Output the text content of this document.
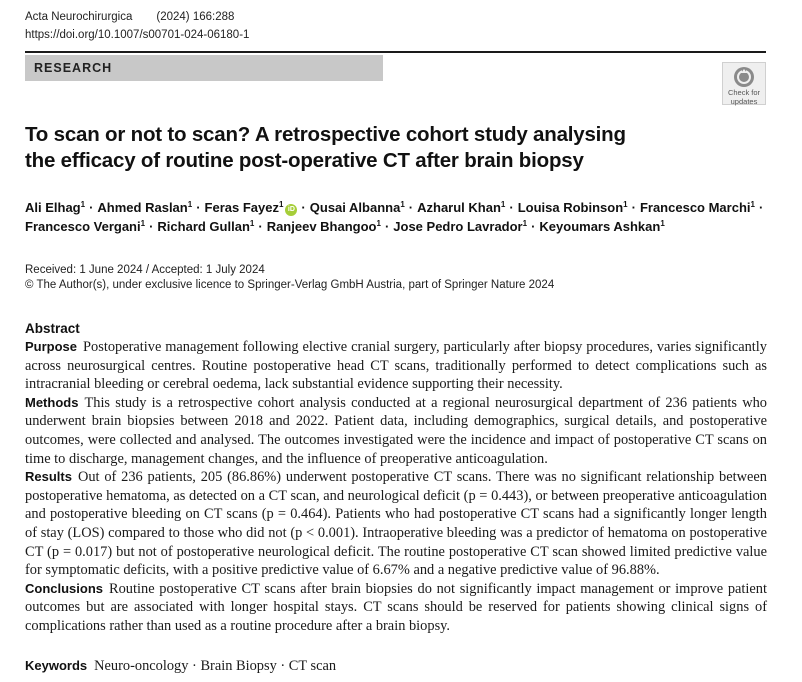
Acta Neurochirurgica (2024) 166:288
https://doi.org/10.1007/s00701-024-06180-1
RESEARCH
Check for
updates
To scan or not to scan? A retrospective cohort study analysing
the efficacy of routine post-operative CT after brain biopsy
Ali Elhag$^1$ · Ahmed Raslan$^1$ · Feras Fayez$^1$iD · Qusai Albanna$^1$ · Azharul Khan$^1$ · Louisa Robinson$^1$ · Francesco Marchi$^1$ ·
Francesco Vergani$^1$ · Richard Gullan$^1$ · Ranjeev Bhangoo$^1$ · Jose Pedro Lavrador$^1$ · Keyoumars Ashkan$^1$
Received: 1 June 2024 / Accepted: 1 July 2024
© The Author(s), under exclusive licence to Springer-Verlag GmbH Austria, part of Springer Nature 2024
Abstract

Purpose Postoperative management following elective cranial surgery, particularly after biopsy procedures, varies significantly across neurosurgical centres. Routine postoperative head CT scans, traditionally performed to detect complications such as intracranial bleeding or cerebral oedema, lack substantial evidence supporting their necessity.

Methods This study is a retrospective cohort analysis conducted at a regional neurosurgical department of 236 patients who underwent brain biopsies between 2018 and 2022. Patient data, including demographics, surgical details, and postoperative outcomes, were collected and analysed. The outcomes investigated were the incidence and impact of postoperative CT scans on time to discharge, management changes, and the influence of preoperative anticoagulation.

Results Out of 236 patients, 205 (86.86%) underwent postoperative CT scans. There was no significant relationship between postoperative hematoma, as detected on a CT scan, and neurological deficit (p = 0.443), or between preoperative anticoagulation and postoperative bleeding on CT scans (p = 0.464). Patients who had postoperative CT scans had a significantly longer length of stay (LOS) compared to those who did not (p < 0.001). Intraoperative bleeding was a predictor of hematoma on postoperative CT (p = 0.017) but not of postoperative neurological deficit. The routine postoperative CT scan showed limited predictive value for symptomatic deficits, with a positive predictive value of 6.67% and a negative predictive value of 96.88%.

Conclusions Routine postoperative CT scans after brain biopsies do not significantly impact management or improve patient outcomes but are associated with longer hospital stays. CT scans should be reserved for patients showing clinical signs of complications rather than used as a routine procedure after a brain biopsy.

Keywords Neuro-oncology · Brain Biopsy · CT scan
